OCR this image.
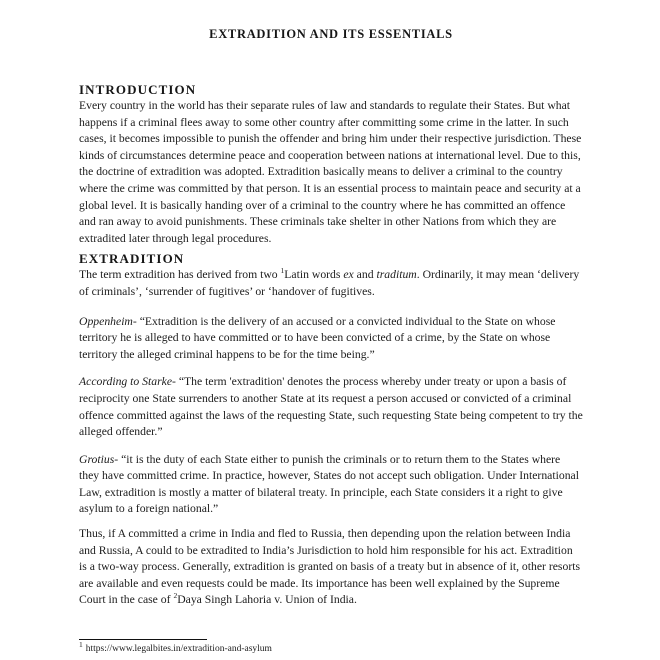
EXTRADITION AND ITS ESSENTIALS
INTRODUCTION

Every country in the world has their separate rules of law and standards to regulate their States. But what happens if a criminal flees away to some other country after committing some crime in the latter. In such cases, it becomes impossible to punish the offender and bring him under their respective jurisdiction. These kinds of circumstances determine peace and cooperation between nations at international level. Due to this, the doctrine of extradition was adopted. Extradition basically means to deliver a criminal to the country where the crime was committed by that person. It is an essential process to maintain peace and security at a global level. It is basically handing over of a criminal to the country where he has committed an offence and ran away to avoid punishments. These criminals take shelter in other Nations from which they are extradited later through legal procedures.

EXTRADITION

The term extradition has derived from two $^1$Latin words ex and traditum. Ordinarily, it may mean ‘delivery of criminals’, ‘surrender of fugitives’ or ‘handover of fugitives.

Oppenheim- “Extradition is the delivery of an accused or a convicted individual to the State on whose territory he is alleged to have committed or to have been convicted of a crime, by the State on whose territory the alleged criminal happens to be for the time being.”

According to Starke- “The term 'extradition' denotes the process whereby under treaty or upon a basis of reciprocity one State surrenders to another State at its request a person accused or convicted of a criminal offence committed against the laws of the requesting State, such requesting State being competent to try the alleged offender.”

Grotius- “it is the duty of each State either to punish the criminals or to return them to the States where they have committed crime. In practice, however, States do not accept such obligation. Under International Law, extradition is mostly a matter of bilateral treaty. In principle, each State considers it a right to give asylum to a foreign national.”

Thus, if A committed a crime in India and fled to Russia, then depending upon the relation between India and Russia, A could to be extradited to India’s Jurisdiction to hold him responsible for his act. Extradition is a two-way process. Generally, extradition is granted on basis of a treaty but in absence of it, other resorts are available and even requests could be made. Its importance has been well explained by the Supreme Court in the case of $^2$Daya Singh Lahoria v. Union of India.

$^1$ https://www.legalbites.in/extradition-and-asylum
